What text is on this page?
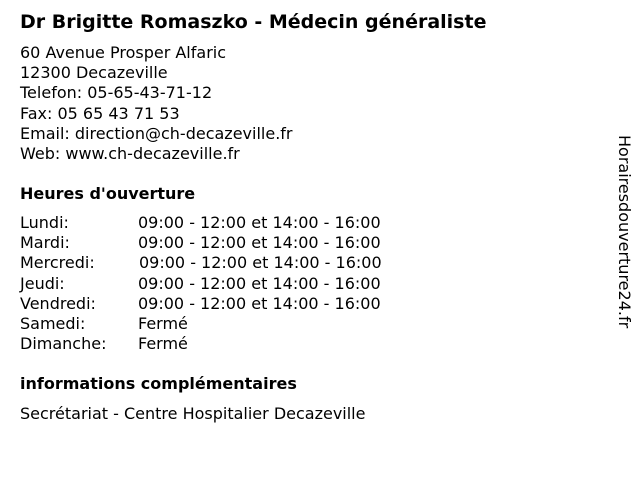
Dr Brigitte Romaszko - Médecin généraliste
60 Avenue Prosper Alfaric
12300 Decazeville
Telefon: 05-65-43-71-12
Fax: 05 65 43 71 53
Email: direction@ch-decazeville.fr
Web: www.ch-decazeville.fr
Heures d'ouverture
Lundi:	09:00 - 12:00 et 14:00 - 16:00
Mardi:	09:00 - 12:00 et 14:00 - 16:00
Mercredi:	09:00 - 12:00 et 14:00 - 16:00
Jeudi:	09:00 - 12:00 et 14:00 - 16:00
Vendredi:	09:00 - 12:00 et 14:00 - 16:00
Samedi:	Fermé
Dimanche: Fermé
informations complémentaires
Secrétariat - Centre Hospitalier Decazeville
Horairesdouverture24.fr
